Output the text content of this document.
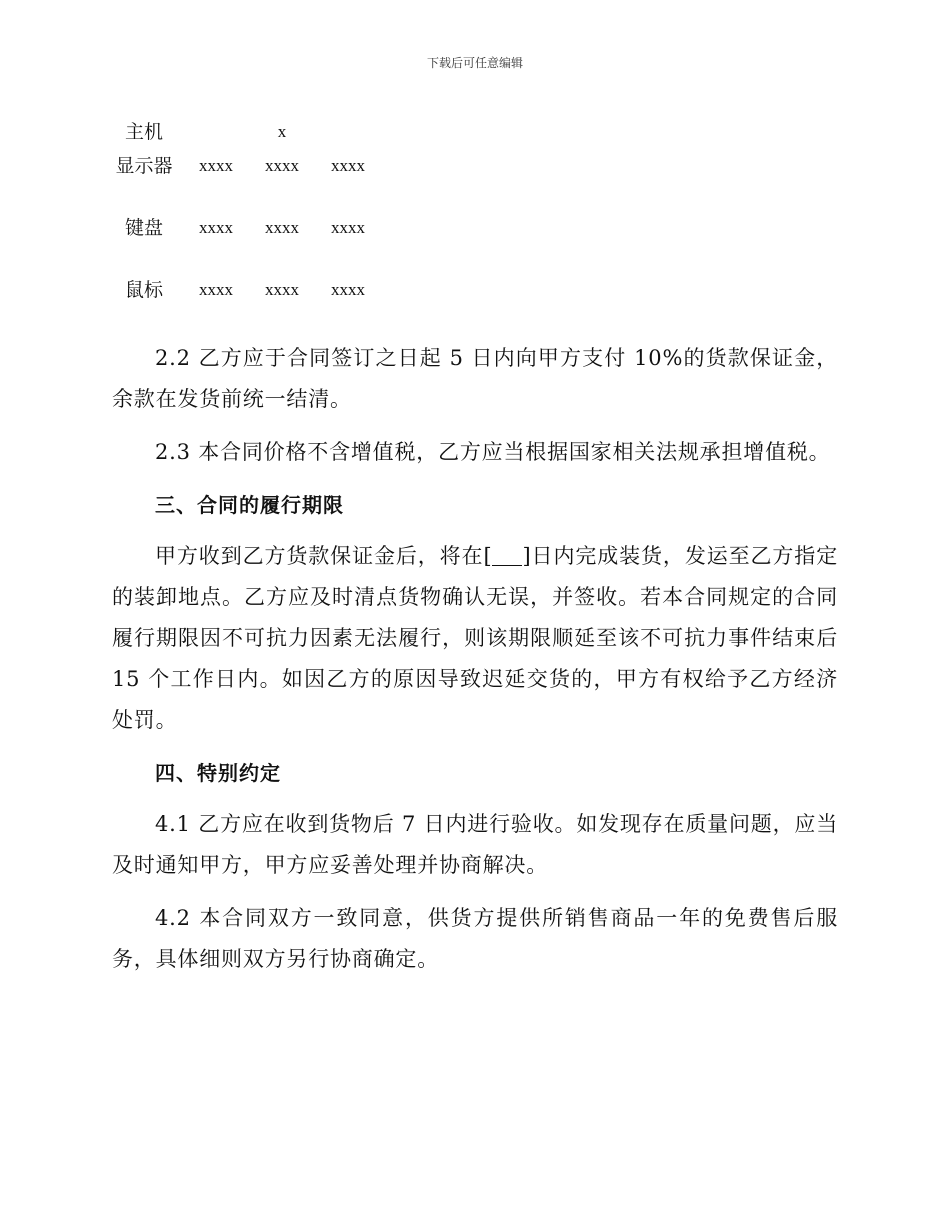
下载后可任意编辑
主机		x	
显示器	xxxx	xxxx	xxxx
键盘	xxxx	xxxx	xxxx
鼠标	xxxx	xxxx	xxxx

2.2 乙方应于合同签订之日起 5 日内向甲方支付 10%的货款保证金，余款在发货前统一结清。

2.3 本合同价格不含增值税，乙方应当根据国家相关法规承担增值税。

三、合同的履行期限

甲方收到乙方货款保证金后，将在[ ]日内完成装货，发运至乙方指定的装卸地点。乙方应及时清点货物确认无误，并签收。若本合同规定的合同履行期限因不可抗力因素无法履行，则该期限顺延至该不可抗力事件结束后 15 个工作日内。如因乙方的原因导致迟延交货的，甲方有权给予乙方经济处罚。

四、特别约定

4.1 乙方应在收到货物后 7 日内进行验收。如发现存在质量问题，应当及时通知甲方，甲方应妥善处理并协商解决。

4.2 本合同双方一致同意，供货方提供所销售商品一年的免费售后服务，具体细则双方另行协商确定。
